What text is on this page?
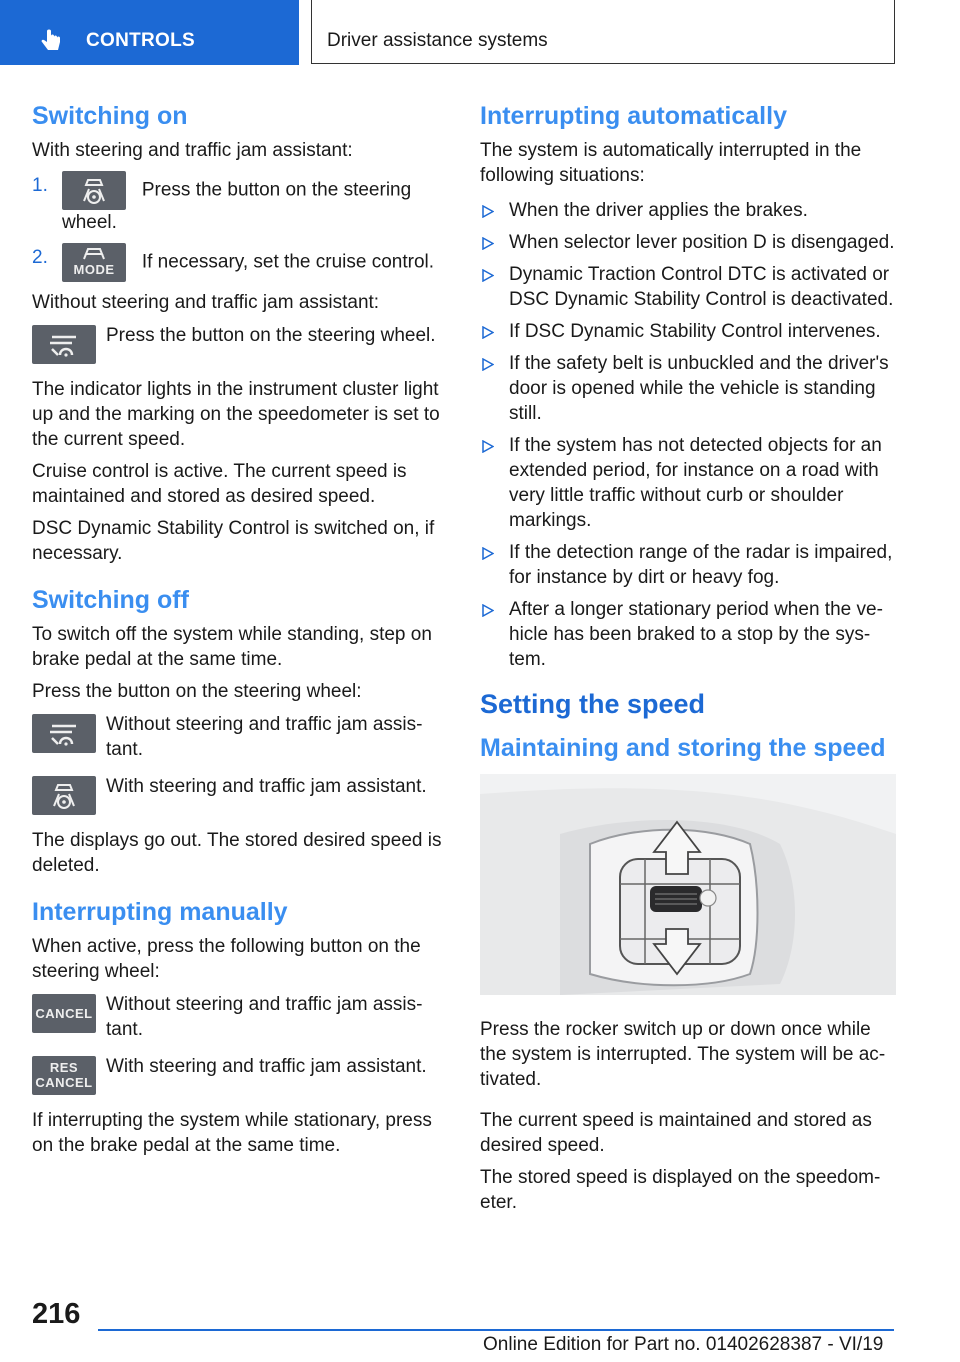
CONTROLS	Driver assistance systems
Switching on

With steering and traffic jam assistant:

1.	Press the button on the steering wheel.
2.
MODE	If necessary, set the cruise control.

Without steering and traffic jam assistant:

Press the button on the steering wheel.

The indicator lights in the instrument cluster light up and the marking on the speedometer is set to the current speed.

Cruise control is active. The current speed is maintained and stored as desired speed.

DSC Dynamic Stability Control is switched on, if necessary.

Switching off

To switch off the system while standing, step on brake pedal at the same time.

Press the button on the steering wheel:

Without steering and traffic jam assistant.
With steering and traffic jam assistant.

The displays go out. The stored desired speed is deleted.

Interrupting manually

When active, press the following button on the steering wheel:

CANCEL Without steering and traffic jam assistant.
RES
CANCEL
With steering and traffic jam assistant.

If interrupting the system while stationary, press on the brake pedal at the same time.

Interrupting automatically

The system is automatically interrupted in the following situations:

When the driver applies the brakes.
When selector lever position D is disengaged.
Dynamic Traction Control DTC is activated or DSC Dynamic Stability Control is deactivated.
If DSC Dynamic Stability Control intervenes.
If the safety belt is unbuckled and the driver's door is opened while the vehicle is standing still.
If the system has not detected objects for an extended period, for instance on a road with very little traffic without curb or shoulder markings.
If the detection range of the radar is impaired, for instance by dirt or heavy fog.
After a longer stationary period when the vehicle has been braked to a stop by the system.
Setting the speed
Maintaining and storing the speed

Press the rocker switch up or down once while the system is interrupted. The system will be activated.

The current speed is maintained and stored as desired speed.

The stored speed is displayed on the speedometer.

216
Online Edition for Part no. 01402628387 - VI/19
